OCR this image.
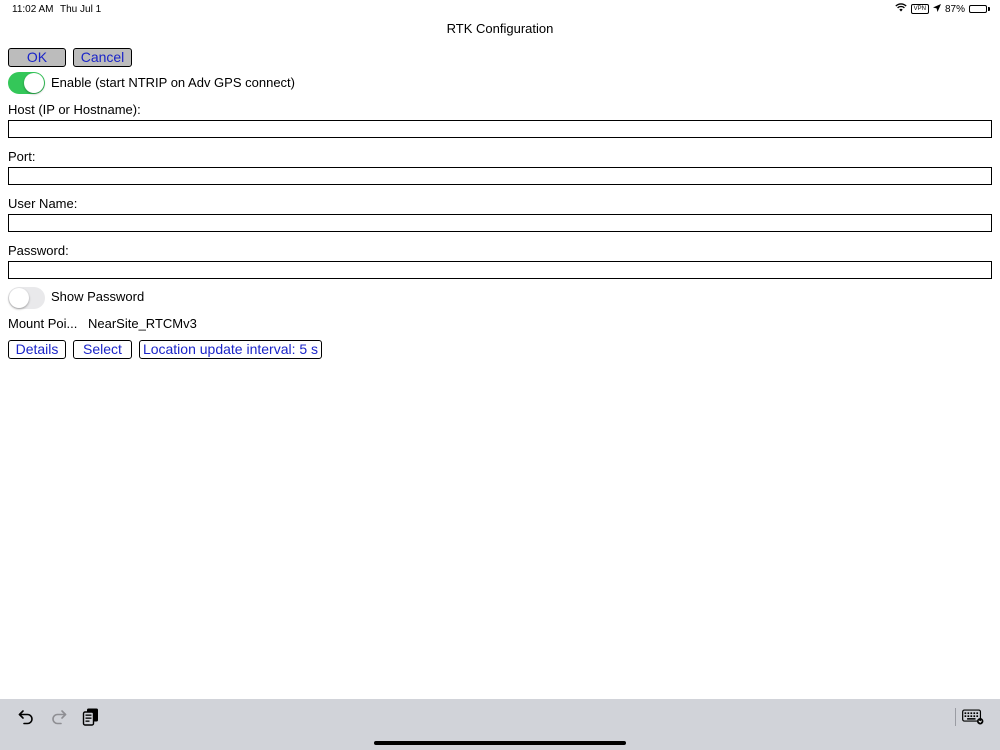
11:02 AM Thu Jul 1	VPN	87%
RTK Configuration
OK	Cancel
Enable (start NTRIP on Adv GPS connect)
Host (IP or Hostname):
Port:
User Name:
Password:
Show Password
Mount Poi... NearSite_RTCMv3
Details	Select	Location update interval: 5 s
